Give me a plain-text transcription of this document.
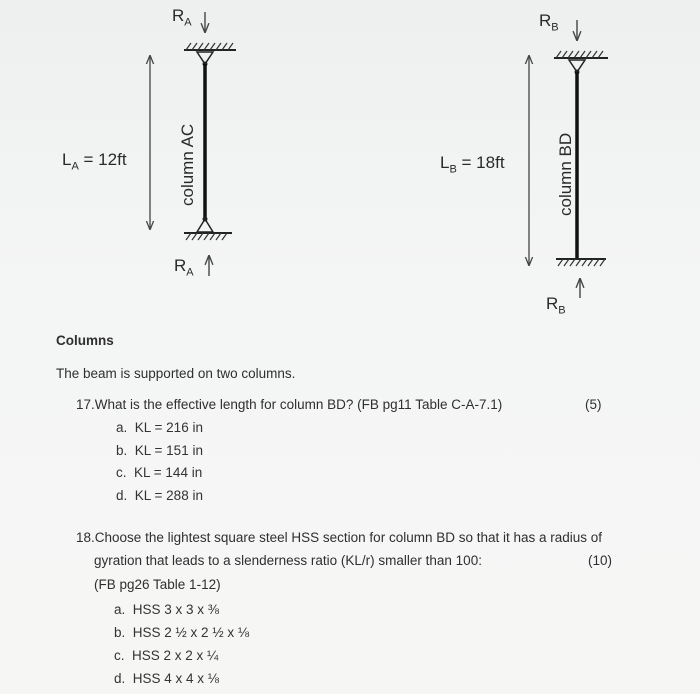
$R_A$
$R_A$
$L_A = 12ft$	column AC
$R_B$
$R_B$
$L_B = 18ft$	column BD
Columns
The beam is supported on two columns.
17.What is the effective length for column BD? (FB pg11 Table C-A-7.1)	(5)
a. KL = 216 in
b. KL = 151 in
c. KL = 144 in
d. KL = 288 in
18.Choose the lightest square steel HSS section for column BD so that it has a radius of
gyration that leads to a slenderness ratio (KL/r) smaller than 100:	(10)
(FB pg26 Table 1-12)
a. HSS 3 x 3 x ⅜
b. HSS 2 ½ x 2 ½ x ⅛
c. HSS 2 x 2 x ¼
d. HSS 4 x 4 x ⅛
